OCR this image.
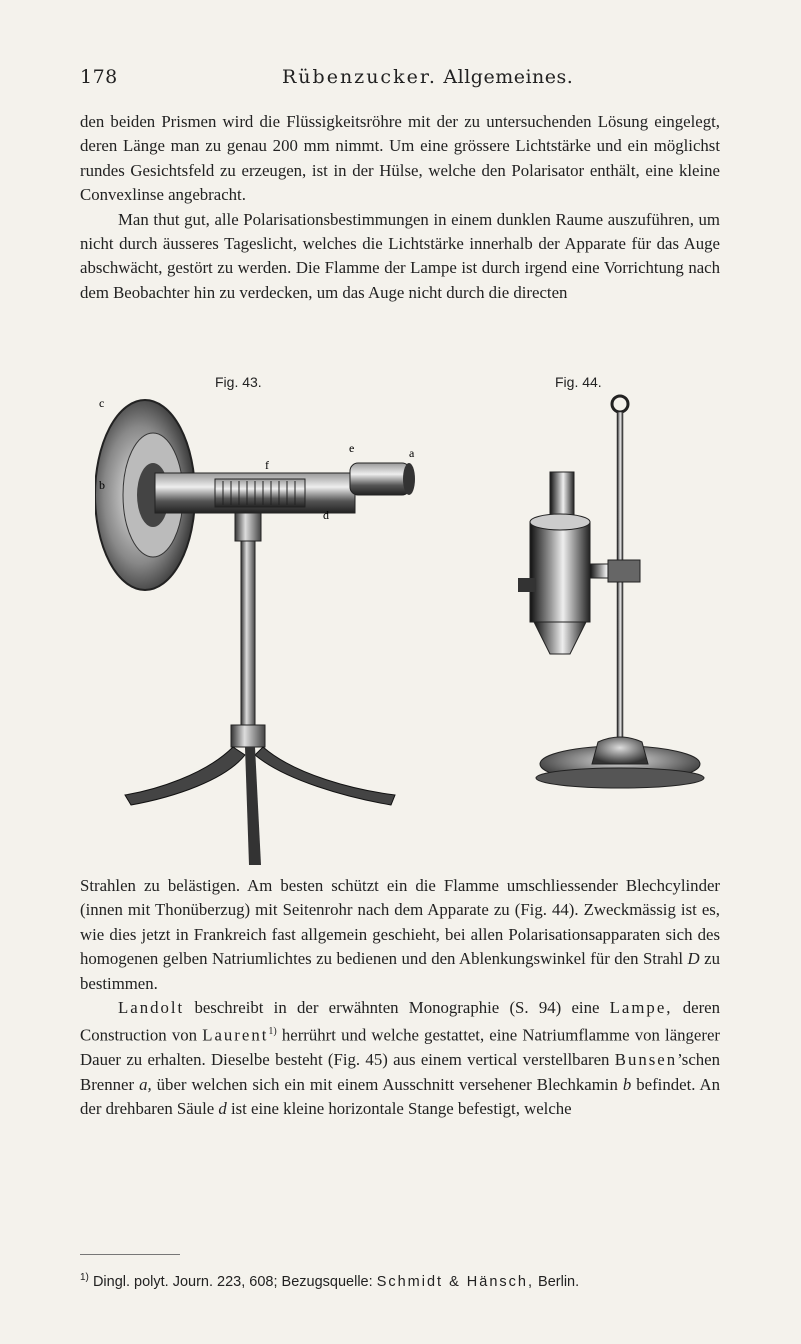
178	Rübenzucker. Allgemeines.

den beiden Prismen wird die Flüssigkeitsröhre mit der zu untersuchenden Lösung eingelegt, deren Länge man zu genau 200 mm nimmt. Um eine grössere Lichtstärke und ein möglichst rundes Gesichtsfeld zu erzeugen, ist in der Hülse, welche den Polarisator enthält, eine kleine Convexlinse angebracht.

Man thut gut, alle Polarisationsbestimmungen in einem dunklen Raume auszuführen, um nicht durch äusseres Tageslicht, welches die Lichtstärke innerhalb der Apparate für das Auge abschwächt, gestört zu werden. Die Flamme der Lampe ist durch irgend eine Vorrichtung nach dem Beobachter hin zu verdecken, um das Auge nicht durch die directen

Fig. 43.	Fig. 44.
c
b
f
e	a
d

Strahlen zu belästigen. Am besten schützt ein die Flamme umschliessender Blechcylinder (innen mit Thonüberzug) mit Seitenrohr nach dem Apparate zu (Fig. 44). Zweckmässig ist es, wie dies jetzt in Frankreich fast allgemein geschieht, bei allen Polarisationsapparaten sich des homogenen gelben Natriumlichtes zu bedienen und den Ablenkungswinkel für den Strahl D zu bestimmen.

Landolt beschreibt in der erwähnten Monographie (S. 94) eine Lampe, deren Construction von Laurent$^{1)}$ herrührt und welche gestattet, eine Natriumflamme von längerer Dauer zu erhalten. Dieselbe besteht (Fig. 45) aus einem vertical verstellbaren Bunsen’schen Brenner a, über welchen sich ein mit einem Ausschnitt versehener Blechkamin b befindet. An der drehbaren Säule d ist eine kleine horizontale Stange befestigt, welche

$^{1)}$ Dingl. polyt. Journ. 223, 608; Bezugsquelle: Schmidt & Hänsch, Berlin.
